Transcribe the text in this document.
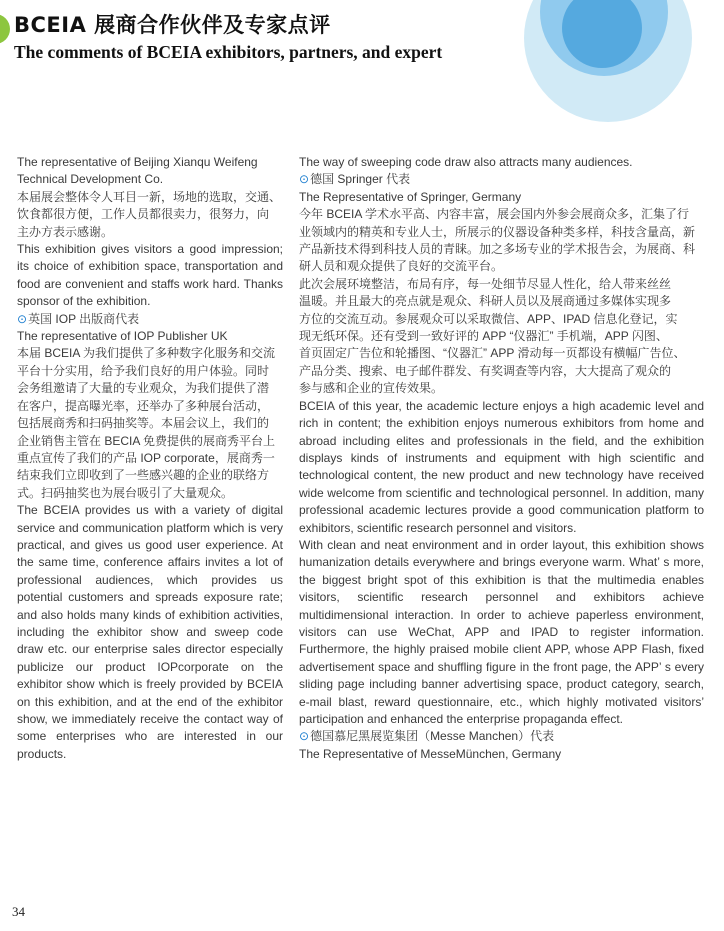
BCEIA 展商合作伙伴及专家点评
The comments of BCEIA exhibitors, partners, and expert

The representative of Beijing Xianqu Weifeng
Technical Development Co.

本届展会整体令人耳目一新，场地的选取，交通、
饮食都很方便，工作人员都很卖力，很努力，向
主办方表示感谢。

This exhibition gives visitors a good impression; its choice of exhibition space, transportation and food are convenient and staffs work hard. Thanks sponsor of the exhibition.

⊙英国 IOP 出版商代表

The representative of IOP Publisher UK

本届 BCEIA 为我们提供了多种数字化服务和交流
平台十分实用，给予我们良好的用户体验。同时
会务组邀请了大量的专业观众，为我们提供了潜
在客户，提高曝光率，还举办了多种展台活动，
包括展商秀和扫码抽奖等。本届会议上，我们的
企业销售主管在 BECIA 免费提供的展商秀平台上
重点宣传了我们的产品 IOP corporate，展商秀一
结束我们立即收到了一些感兴趣的企业的联络方
式。扫码抽奖也为展台吸引了大量观众。

The BCEIA provides us with a variety of digital service and communication platform which is very practical, and gives us good user experience. At the same time, conference affairs invites a lot of professional audiences, which provides us potential customers and spreads exposure rate; and also holds many kinds of exhibition activities, including the exhibitor show and sweep code draw etc. our enterprise sales director especially publicize our product IOPcorporate on the exhibitor show which is freely provided by BCEIA on this exhibition, and at the end of the exhibitor show, we immediately receive the contact way of some enterprises who are interested in our products.

The way of sweeping code draw also attracts many audiences.

⊙德国 Springer 代表

The Representative of Springer, Germany

今年 BCEIA 学术水平高、内容丰富，展会国内外参会展商众多，汇集了行
业领域内的精英和专业人士，所展示的仪器设备种类多样，科技含量高，新
产品新技术得到科技人员的青睐。加之多场专业的学术报告会，为展商、科
研人员和观众提供了良好的交流平台。

此次会展环境整洁，布局有序，每一处细节尽显人性化，给人带来丝丝
温暖。并且最大的亮点就是观众、科研人员以及展商通过多媒体实现多
方位的交流互动。参展观众可以采取微信、APP、IPAD 信息化登记，实
现无纸环保。还有受到一致好评的 APP “仪器汇” 手机端，APP 闪图、
首页固定广告位和轮播图、“仪器汇” APP 滑动每一页都设有横幅广告位、
产品分类、搜索、电子邮件群发、有奖调查等内容，大大提高了观众的
参与感和企业的宣传效果。

BCEIA of this year, the academic lecture enjoys a high academic level and rich in content; the exhibition enjoys numerous exhibitors from home and abroad including elites and professionals in the field, and the exhibition displays kinds of instruments and equipment with high scientific and technological content, the new product and new technology have received wide welcome from scientific and technological personnel. In addition, many professional academic lectures provide a good communication platform to exhibitors, scientific research personnel and visitors.

With clean and neat environment and in order layout, this exhibition shows humanization details everywhere and brings everyone warm. What’ s more, the biggest bright spot of this exhibition is that the multimedia enables visitors, scientific research personnel and exhibitors achieve multidimensional interaction. In order to achieve paperless environment, visitors can use WeChat, APP and IPAD to register information. Furthermore, the highly praised mobile client APP, whose APP Flash, fixed advertisement space and shuffling figure in the front page, the APP’ s every sliding page including banner advertising space, product category, search, e-mail blast, reward questionnaire, etc., which highly motivated visitors’ participation and enhanced the enterprise propaganda effect.

⊙德国慕尼黑展览集团（Messe Manchen）代表

The Representative of MesseMünchen, Germany

34
